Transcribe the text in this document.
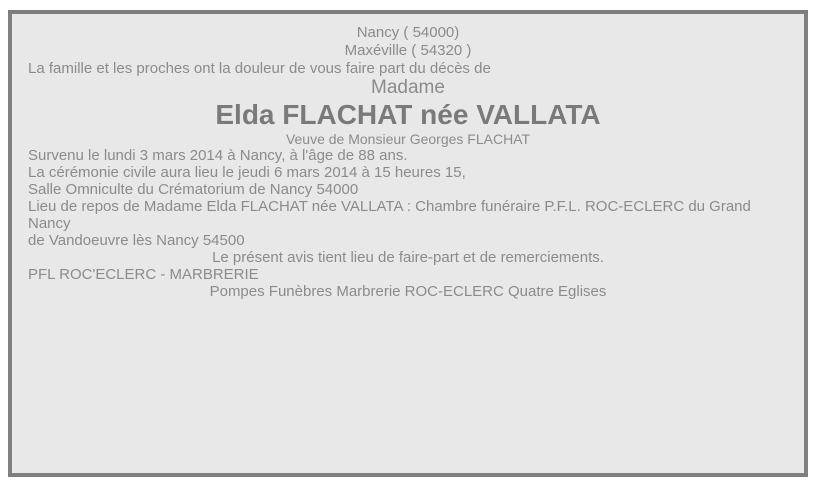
Nancy ( 54000)
Maxéville ( 54320 )

La famille et les proches ont la douleur de vous faire part du décès de

Madame

Elda FLACHAT née VALLATA

Veuve de Monsieur Georges FLACHAT

Survenu le lundi 3 mars 2014 à Nancy, à l'âge de 88 ans.

La cérémonie civile aura lieu le jeudi 6 mars 2014 à 15 heures 15,
Salle Omniculte du Crématorium de Nancy 54000

Lieu de repos de Madame Elda FLACHAT née VALLATA : Chambre funéraire P.F.L. ROC-ECLERC du Grand Nancy
de Vandoeuvre lès Nancy 54500

Le présent avis tient lieu de faire-part et de remerciements.

PFL ROC'ECLERC - MARBRERIE

Pompes Funèbres Marbrerie ROC-ECLERC Quatre Eglises
